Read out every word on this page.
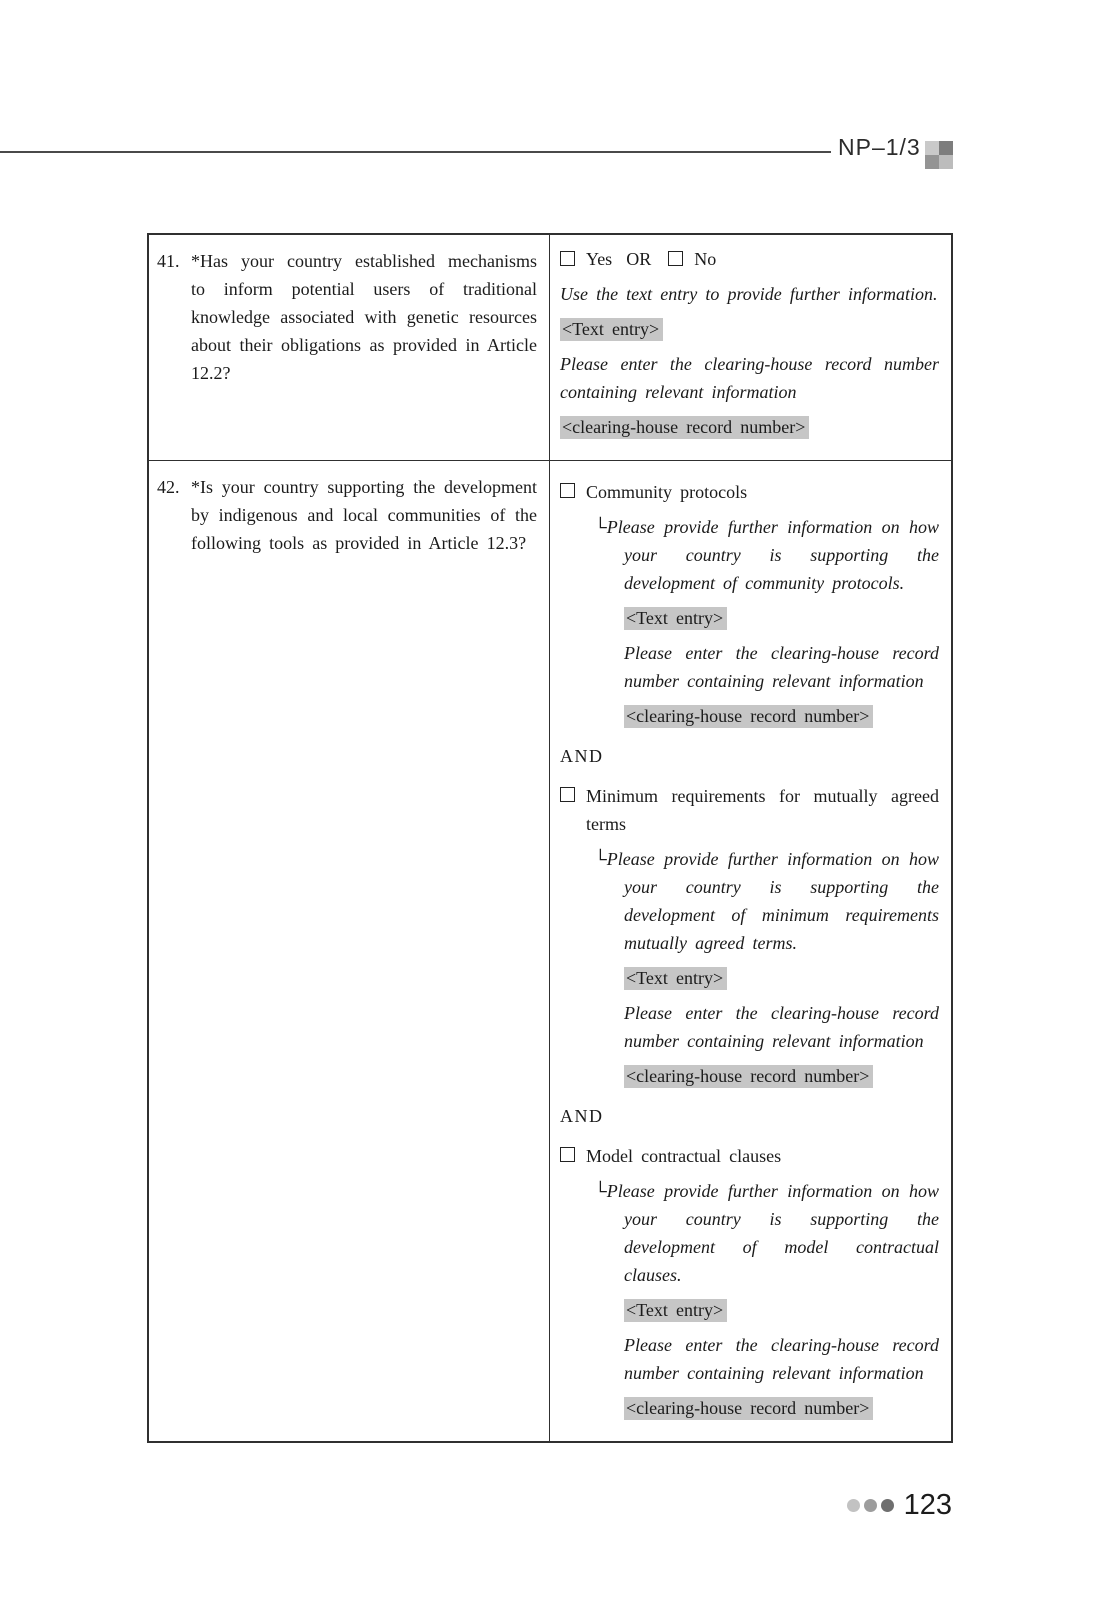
NP–1/3
41. *Has your country established mechanisms to inform potential users of traditional knowledge associated with genetic resources about their obligations as provided in Article 12.2?
Yes OR No

Use the text entry to provide further information.

<Text entry>

Please enter the clearing-house record number containing relevant information

<clearing-house record number>

42. *Is your country supporting the development by indigenous and local communities of the following tools as provided in Article 12.3?
Community protocols
└Please provide further information on how your country is supporting the development of community protocols.

<Text entry>

Please enter the clearing-house record number containing relevant information

<clearing-house record number>

AND
Minimum requirements for mutually agreed terms
└Please provide further information on how your country is supporting the development of minimum requirements mutually agreed terms.

<Text entry>

Please enter the clearing-house record number containing relevant information

<clearing-house record number>

AND
Model contractual clauses
└Please provide further information on how your country is supporting the development of model contractual clauses.

<Text entry>

Please enter the clearing-house record number containing relevant information

<clearing-house record number>

123
